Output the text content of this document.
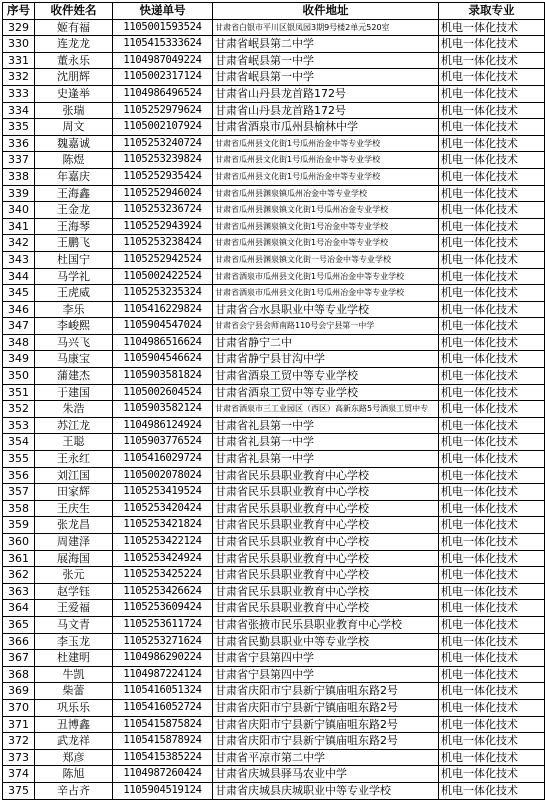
序号	收件姓名	快递单号	收件地址	录取专业
329	姬有福	1105001593524	甘肃省白银市平川区银凤园3期9号楼2单元520室	机电一体化技术
330	连龙龙	1105415333624	甘肃省岷县第二中学	机电一体化技术
331	董永乐	1104987049224	甘肃省岷县第一中学	机电一体化技术
332	沈朋辉	1105002317124	甘肃省岷县第一中学	机电一体化技术
333	史逢举	1104986496524	甘肃省山丹县龙首路172号	机电一体化技术
334	张瑞	1105252979624	甘肃省山丹县龙首路172号	机电一体化技术
335	周文	1105002107924	甘肃省酒泉市瓜州县榆林中学	机电一体化技术
336	魏嘉诚	1105253240724	甘肃省瓜州县文化街1号瓜州治金中等专业学校	机电一体化技术
337	陈煜	1105253239824	甘肃省瓜州县文化街1号瓜州治金中等专业学校	机电一体化技术
338	年嘉庆	1105252935424	甘肃省瓜州县文化街1号瓜州治金中等专业学校	机电一体化技术
339	王海鑫	1105252946024	甘肃省瓜州县渊泉镇瓜州冶金中等专业学校	机电一体化技术
340	王金龙	1105253236724	甘肃省瓜州县渊泉镇文化街1号瓜州冶金专业学校	机电一体化技术
341	王海琴	1105252943924	甘肃省瓜州县渊泉镇文化街1号冶金中等专业学校	机电一体化技术
342	王鹏飞	1105253238424	甘肃省瓜州县渊泉镇文化街1号冶金中等专业学校	机电一体化技术
343	杜国宁	1105252942524	甘肃省瓜州县渊泉镇文化街一号冶金中等专业学校	机电一体化技术
344	马学礼	1105002422524	甘肃省酒泉市瓜州县文化街1号瓜州冶金中等专业学校	机电一体化技术
345	王虎威	1105253235324	甘肃省酒泉市瓜州县文化街1号瓜州冶金中等专业学校	机电一体化技术
346	李乐	1105416229824	甘肃省合水县职业中等专业学校	机电一体化技术
347	李峻熙	1105904547024	甘肃省会宁县会师南路110号会宁县第一中学	机电一体化技术
348	马兴飞	1104986516624	甘肃省静宁二中	机电一体化技术
349	马康宝	1105904546624	甘肃省静宁县甘沟中学	机电一体化技术
350	蒲建杰	1105903581824	甘肃省酒泉工贸中等专业学校	机电一体化技术
351	于建国	1105002604524	甘肃省酒泉工贸中等专业学校	机电一体化技术
352	朱浩	1105903582124	甘肃省酒泉市三工业园区（西区）高新东路5号酒泉工贸中专	机电一体化技术
353	苏江龙	1104986124924	甘肃省礼县第一中学	机电一体化技术
354	王聪	1105903776524	甘肃省礼县第一中学	机电一体化技术
355	王永红	1105416029724	甘肃省礼县第一中学	机电一体化技术
356	刘江国	1105002078024	甘肃省民乐县职业教育中心学校	机电一体化技术
357	田家辉	1105253419524	甘肃省民乐县职业教育中心学校	机电一体化技术
358	王庆生	1105253420424	甘肃省民乐县职业教育中心学校	机电一体化技术
359	张龙昌	1105253421824	甘肃省民乐县职业教育中心学校	机电一体化技术
360	周建泽	1105253422124	甘肃省民乐县职业教育中心学校	机电一体化技术
361	展海国	1105253424924	甘肃省民乐县职业教育中心学校	机电一体化技术
362	张元	1105253425224	甘肃省民乐县职业教育中心学校	机电一体化技术
363	赵学钰	1105253426624	甘肃省民乐县职业教育中心学校	机电一体化技术
364	王爱福	1105253609424	甘肃省民乐县职业教育中心学校	机电一体化技术
365	马文青	1105253611724	甘肃省张掖市民乐县职业教育中心学校	机电一体化技术
366	李玉龙	1105253271624	甘肃省民勤县职业中等专业学校	机电一体化技术
367	杜建明	1104986290224	甘肃省宁县第四中学	机电一体化技术
368	牛凯	1104987224124	甘肃省宁县第四中学	机电一体化技术
369	柴蕾	1105416051324	甘肃省庆阳市宁县新宁镇庙咀东路2号	机电一体化技术
370	巩乐乐	1105416052724	甘肃省庆阳市宁县新宁镇庙咀东路2号	机电一体化技术
371	丑博鑫	1105415875824	甘肃省庆阳市宁县新宁镇庙咀东路2号	机电一体化技术
372	武龙祥	1105415878924	甘肃省庆阳市宁县新宁镇庙咀东路2号	机电一体化技术
373	郑彦	1105415385224	甘肃省平凉市第二中学	机电一体化技术
374	陈旭	1104987260424	甘肃省庆城县驿马农业中学	机电一体化技术
375	辛占齐	1105904519124	甘肃省庆城县庆城职业中等专业学校	机电一体化技术
